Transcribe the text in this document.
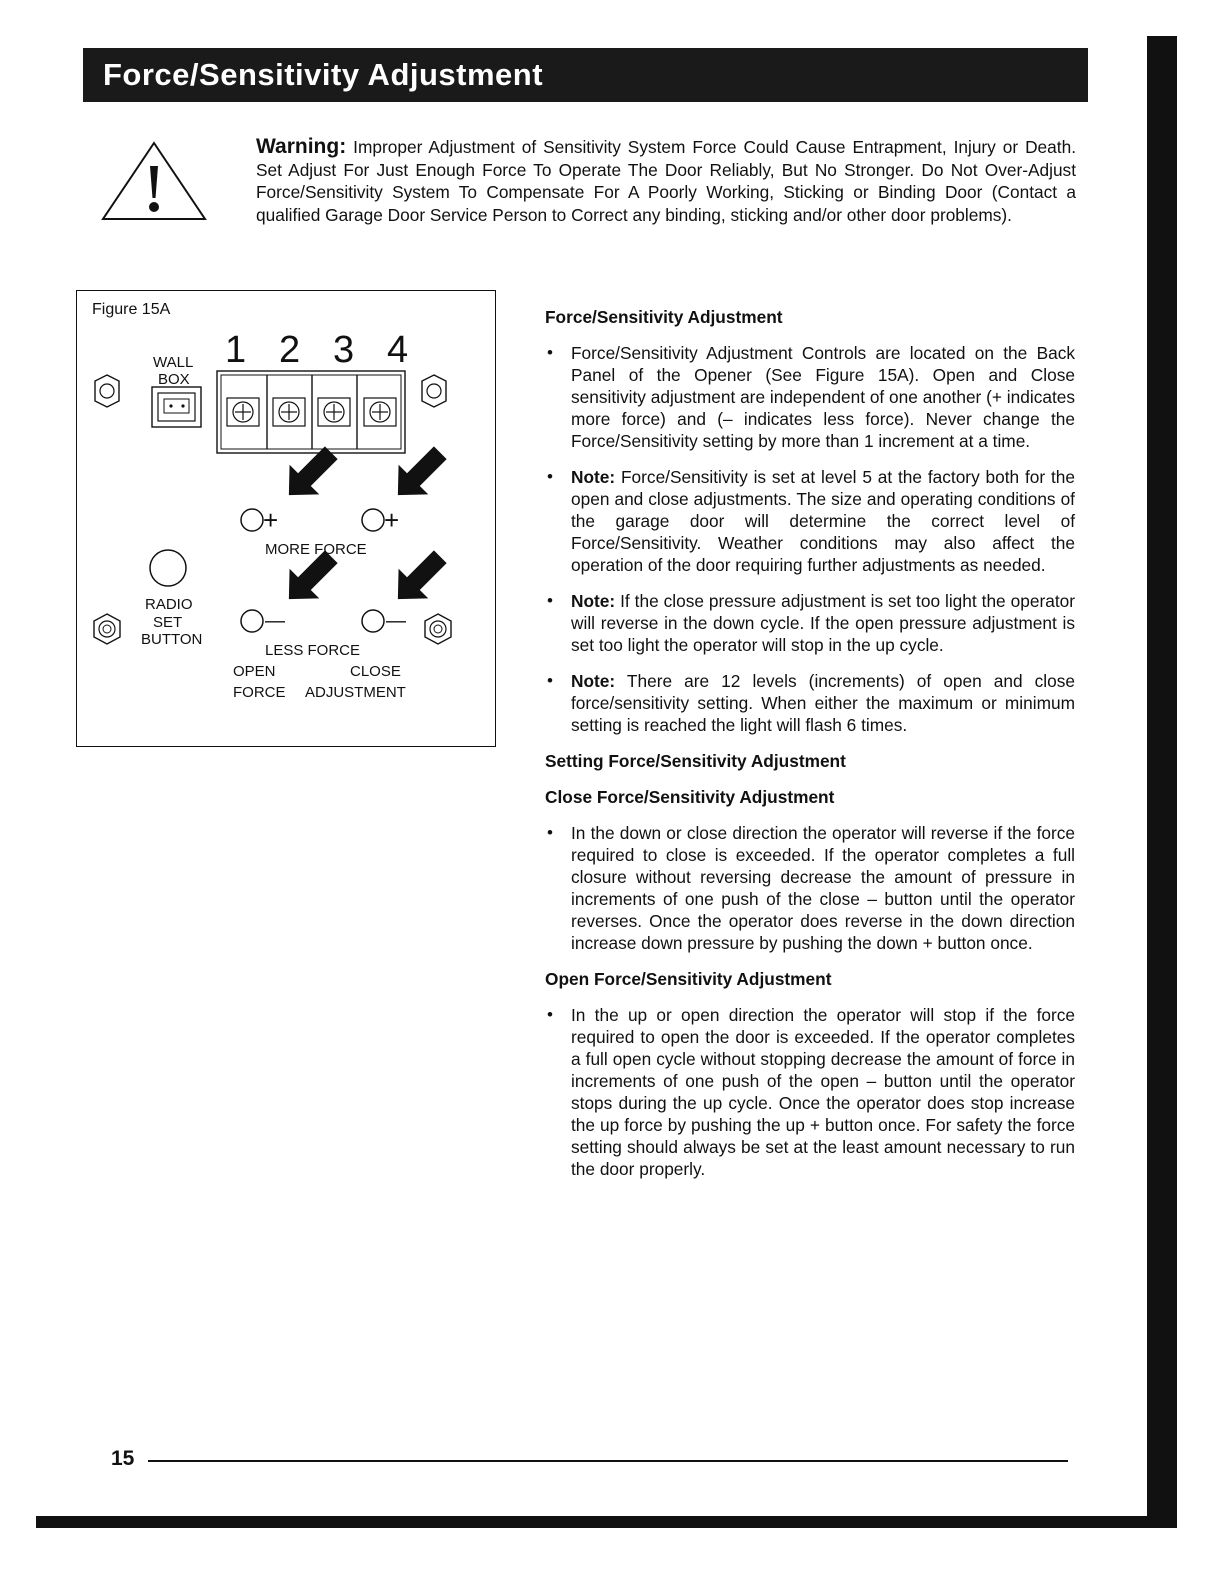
Force/Sensitivity Adjustment
Warning: Improper Adjustment of Sensitivity System Force Could Cause Entrapment, Injury or Death. Set Adjust For Just Enough Force To Operate The Door Reliably, But No Stronger. Do Not Over-Adjust Force/Sensitivity System To Compensate For A Poorly Working, Sticking or Binding Door (Contact a qualified Garage Door Service Person to Correct any binding, sticking and/or other door problems).
Figure 15A
1 2 3 4
WALL
BOX
+	+
MORE FORCE
—	—
LESS FORCE
RADIO
SET
BUTTON
OPEN	CLOSE
FORCE ADJUSTMENT
Force/Sensitivity Adjustment
• Force/Sensitivity Adjustment Controls are located on the Back Panel of the Opener (See Figure 15A). Open and Close sensitivity adjustment are independent of one another (+ indicates more force) and (– indicates less force). Never change the Force/Sensitivity setting by more than 1 increment at a time.
• Note: Force/Sensitivity is set at level 5 at the factory both for the open and close adjustments. The size and operating conditions of the garage door will determine the correct level of Force/Sensitivity. Weather conditions may also affect the operation of the door requiring further adjustments as needed.
• Note: If the close pressure adjustment is set too light the operator will reverse in the down cycle. If the open pressure adjustment is set too light the operator will stop in the up cycle.
• Note: There are 12 levels (increments) of open and close force/sensitivity setting. When either the maximum or minimum setting is reached the light will flash 6 times.
Setting Force/Sensitivity Adjustment
Close Force/Sensitivity Adjustment
• In the down or close direction the operator will reverse if the force required to close is exceeded. If the operator completes a full closure without reversing decrease the amount of pressure in increments of one push of the close – button until the operator reverses. Once the operator does reverse in the down direction increase down pressure by pushing the down + button once.
Open Force/Sensitivity Adjustment
• In the up or open direction the operator will stop if the force required to open the door is exceeded. If the operator completes a full open cycle without stopping decrease the amount of force in increments of one push of the open – button until the operator stops during the up cycle. Once the operator does stop increase the up force by pushing the up + button once. For safety the force setting should always be set at the least amount necessary to run the door properly.
15
